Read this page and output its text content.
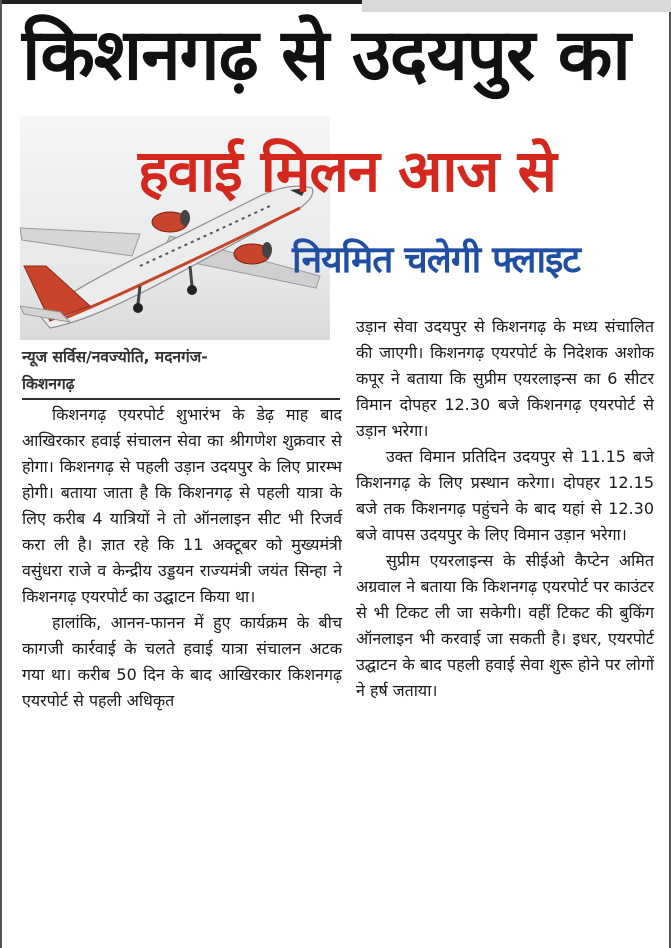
किशनगढ़ से उदयपुर का
हवाई मिलन आज से
नियमित चलेगी फ्लाइट
न्यूज सर्विस/नवज्योति, मदनगंज-
किशनगढ़

किशनगढ़ एयरपोर्ट शुभारंभ के डेढ़ माह बाद आखिरकार हवाई संचालन सेवा का श्रीगणेश शुक्रवार से होगा। किशनगढ़ से पहली उड़ान उदयपुर के लिए प्रारम्भ होगी। बताया जाता है कि किशनगढ़ से पहली यात्रा के लिए करीब 4 यात्रियों ने तो ऑनलाइन सीट भी रिजर्व करा ली है। ज्ञात रहे कि 11 अक्टूबर को मुख्यमंत्री वसुंधरा राजे व केन्द्रीय उड्डयन राज्यमंत्री जयंत सिन्हा ने किशनगढ़ एयरपोर्ट का उद्घाटन किया था।

हालांकि, आनन-फानन में हुए कार्यक्रम के बीच कागजी कार्रवाई के चलते हवाई यात्रा संचालन अटक गया था। करीब 50 दिन के बाद आखिरकार किशनगढ़ एयरपोर्ट से पहली अधिकृत

उड़ान सेवा उदयपुर से किशनगढ़ के मध्य संचालित की जाएगी। किशनगढ़ एयरपोर्ट के निदेशक अशोक कपूर ने बताया कि सुप्रीम एयरलाइन्स का 6 सीटर विमान दोपहर 12.30 बजे किशनगढ़ एयरपोर्ट से उड़ान भरेगा।

उक्त विमान प्रतिदिन उदयपुर से 11.15 बजे किशनगढ़ के लिए प्रस्थान करेगा। दोपहर 12.15 बजे तक किशनगढ़ पहुंचने के बाद यहां से 12.30 बजे वापस उदयपुर के लिए विमान उड़ान भरेगा।

सुप्रीम एयरलाइन्स के सीईओ कैप्टेन अमित अग्रवाल ने बताया कि किशनगढ़ एयरपोर्ट पर काउंटर से भी टिकट ली जा सकेगी। वहीं टिकट की बुकिंग ऑनलाइन भी करवाई जा सकती है। इधर, एयरपोर्ट उद्घाटन के बाद पहली हवाई सेवा शुरू होने पर लोगों ने हर्ष जताया।
